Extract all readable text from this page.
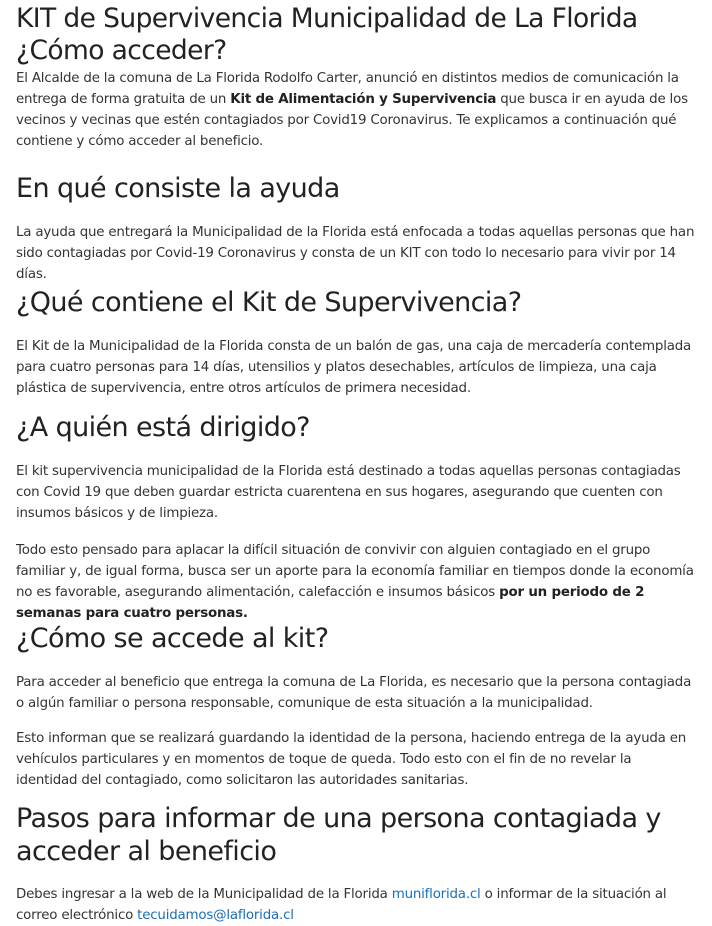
KIT de Supervivencia Municipalidad de La Florida
¿Cómo acceder?

El Alcalde de la comuna de La Florida Rodolfo Carter, anunció en distintos medios de comunicación la entrega de forma gratuita de un Kit de Alimentación y Supervivencia que busca ir en ayuda de los vecinos y vecinas que estén contagiados por Covid19 Coronavirus. Te explicamos a continuación qué contiene y cómo acceder al beneficio.

En qué consiste la ayuda

La ayuda que entregará la Municipalidad de la Florida está enfocada a todas aquellas personas que han sido contagiadas por Covid-19 Coronavirus y consta de un KIT con todo lo necesario para vivir por 14 días.

¿Qué contiene el Kit de Supervivencia?

El Kit de la Municipalidad de la Florida consta de un balón de gas, una caja de mercadería contemplada para cuatro personas para 14 días, utensilios y platos desechables, artículos de limpieza, una caja plástica de supervivencia, entre otros artículos de primera necesidad.

¿A quién está dirigido?

El kit supervivencia municipalidad de la Florida está destinado a todas aquellas personas contagiadas con Covid 19 que deben guardar estricta cuarentena en sus hogares, asegurando que cuenten con insumos básicos y de limpieza.

Todo esto pensado para aplacar la difícil situación de convivir con alguien contagiado en el grupo familiar y, de igual forma, busca ser un aporte para la economía familiar en tiempos donde la economía no es favorable, asegurando alimentación, calefacción e insumos básicos por un periodo de 2 semanas para cuatro personas.

¿Cómo se accede al kit?

Para acceder al beneficio que entrega la comuna de La Florida, es necesario que la persona contagiada o algún familiar o persona responsable, comunique de esta situación a la municipalidad.

Esto informan que se realizará guardando la identidad de la persona, haciendo entrega de la ayuda en vehículos particulares y en momentos de toque de queda. Todo esto con el fin de no revelar la identidad del contagiado, como solicitaron las autoridades sanitarias.

Pasos para informar de una persona contagiada y acceder al beneficio

Debes ingresar a la web de la Municipalidad de la Florida muniflorida.cl o informar de la situación al correo electrónico tecuidamos@laflorida.cl
